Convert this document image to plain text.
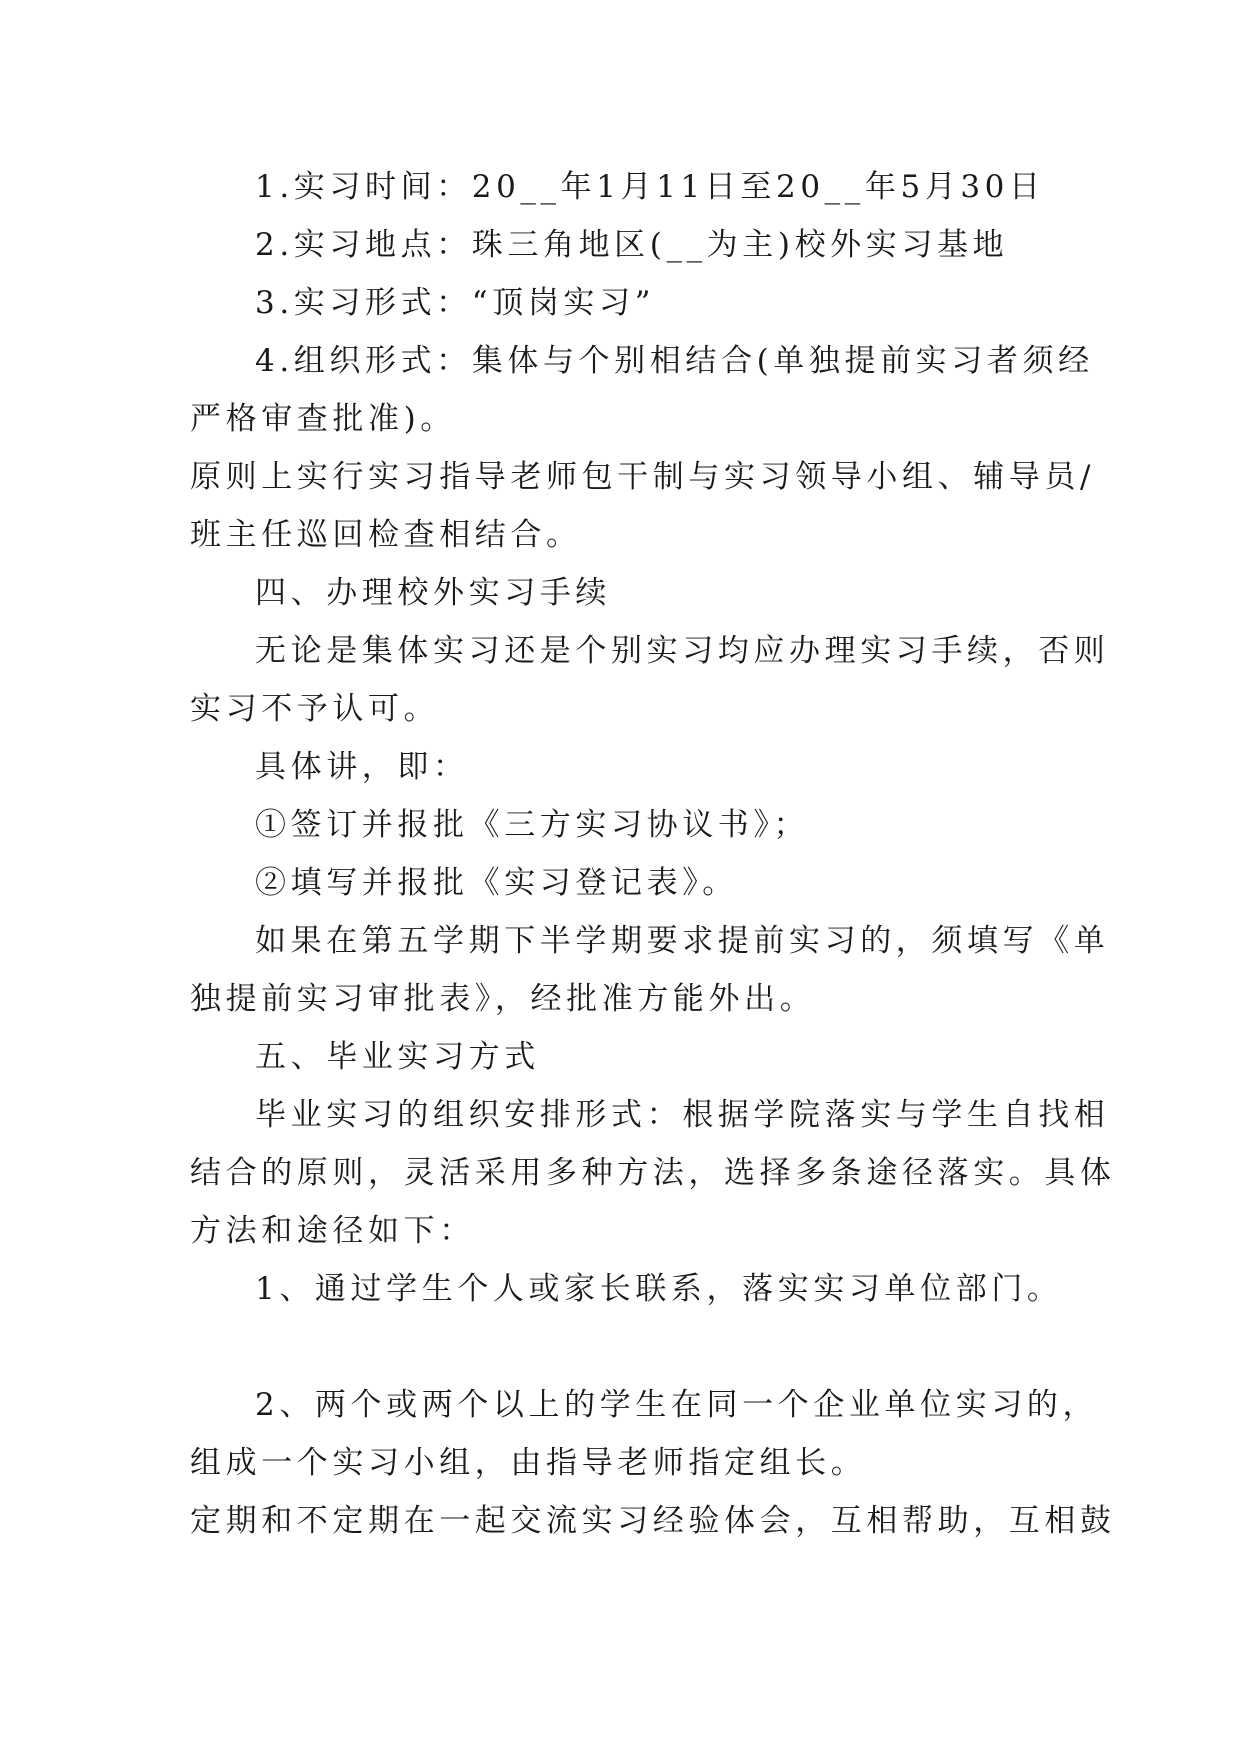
1.实习时间：20__年1月11日至20__年5月30日
2.实习地点：珠三角地区(__为主)校外实习基地
3.实习形式：“顶岗实习”
4.组织形式：集体与个别相结合(单独提前实习者须经
严格审查批准)。
原则上实行实习指导老师包干制与实习领导小组、辅导员/
班主任巡回检查相结合。
四、办理校外实习手续
无论是集体实习还是个别实习均应办理实习手续，否则
实习不予认可。
具体讲，即：
①签订并报批《三方实习协议书》；
②填写并报批《实习登记表》。
如果在第五学期下半学期要求提前实习的，须填写《单
独提前实习审批表》，经批准方能外出。
五、毕业实习方式
毕业实习的组织安排形式：根据学院落实与学生自找相
结合的原则，灵活采用多种方法，选择多条途径落实。具体
方法和途径如下：
1、通过学生个人或家长联系，落实实习单位部门。
2、两个或两个以上的学生在同一个企业单位实习的，
组成一个实习小组，由指导老师指定组长。
定期和不定期在一起交流实习经验体会，互相帮助，互相鼓
